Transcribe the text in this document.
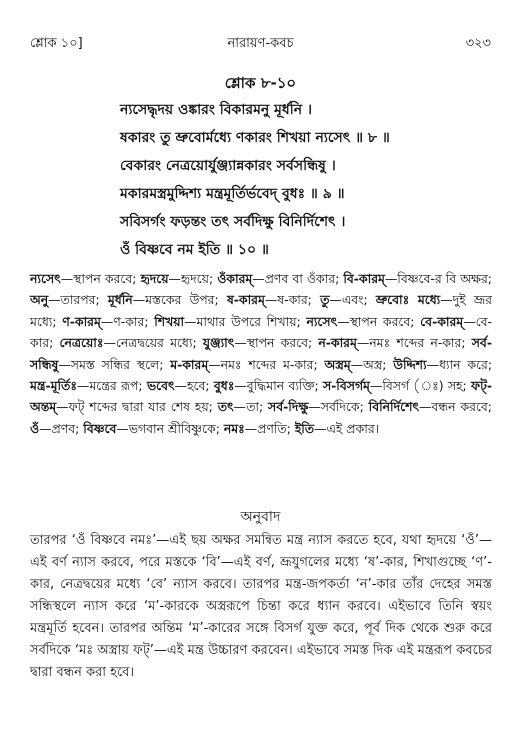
শ্লোক ১০]	নারায়ণ-কবচ	৩২৩
শ্লোক ৮-১০
ন্যসেদ্ধৃদয় ওঙ্কারং বিকারমনু মূর্ধনি ।
ষকারং তু ভ্রুবোর্মধ্যে ণকারং শিখয়া ন্যসেৎ ॥ ৮ ॥
বেকারং নেত্রয়োর্যুঞ্জ্যান্নকারং সর্বসন্ধিষু ।
মকারমস্ত্রমুদ্দিশ্য মন্ত্রমূর্তির্ভবেদ্ বুধঃ ॥ ৯ ॥
সবিসর্গং ফড়ন্তং তৎ সর্বদিক্ষু বিনির্দিশেৎ ।
ওঁ বিষ্ণবে নম ইতি ॥ ১০ ॥
ন্যসেৎ—স্থাপন করবে; হৃদয়ে—হৃদয়ে; ওঁকারম্—প্রণব বা ওঁকার; বি-কারম্—বিষ্ণবে-র বি অক্ষর; অনু—তারপর; মূর্ধনি—মস্তকের উপর; ষ-কারম্—ষ-কার; তু—এবং; ভ্রুবোঃ মধ্যে—দুই ভ্রূর মধ্যে; ণ-কারম্—ণ-কার; শিখয়া—মাথার উপরে শিখায়; ন্যসেৎ—স্থাপন করবে; বে-কারম্—বে-কার; নেত্রয়োঃ—নেত্রদ্বয়ের মধ্যে; যুঞ্জ্যাৎ—স্থাপন করবে; ন-কারম্—নমঃ শব্দের ন-কার; সর্ব-সন্ধিষু—সমস্ত সন্ধির স্থলে; ম-কারম্—নমঃ শব্দের ম-কার; অস্ত্রম্—অস্ত্র; উদ্দিশ্য—ধ্যান করে; মন্ত্র-মূর্তিঃ—মন্ত্রের রূপ; ভবেৎ—হবে; বুধঃ—বুদ্ধিমান ব্যক্তি; স-বিসর্গম্—বিসর্গ (ঃ) সহ; ফট্-অন্তম্—ফট্ শব্দের দ্বারা যার শেষ হয়; তৎ—তা; সর্ব-দিক্ষু—সর্বদিকে; বিনির্দিশেৎ—বন্ধন করবে; ওঁ—প্রণব; বিষ্ণবে—ভগবান শ্রীবিষ্ণুকে; নমঃ—প্রণতি; ইতি—এই প্রকার।
অনুবাদ
তারপর ‘ওঁ বিষ্ণবে নমঃ’—এই ছয় অক্ষর সমন্বিত মন্ত্র ন্যাস করতে হবে, যথা হৃদয়ে ‘ওঁ’—এই বর্ণ ন্যাস করবে, পরে মস্তকে ‘বি’—এই বর্ণ, ভ্রূযুগলের মধ্যে ‘ষ’-কার, শিখাগুচ্ছে ‘ণ’-কার, নেত্রদ্বয়ের মধ্যে ‘বে’ ন্যাস করবে। তারপর মন্ত্র-জপকর্তা ‘ন’-কার তাঁর দেহের সমস্ত সন্ধিস্থলে ন্যাস করে ‘ম’-কারকে অস্ত্ররূপে চিন্তা করে ধ্যান করবে। এইভাবে তিনি স্বয়ং মন্ত্রমূর্তি হবেন। তারপর অন্তিম ‘ম’-কারের সঙ্গে বিসর্গ যুক্ত করে, পূর্ব দিক থেকে শুরু করে সর্বদিকে ‘মঃ অস্ত্রায় ফট্’—এই মন্ত্র উচ্চারণ করবেন। এইভাবে সমস্ত দিক এই মন্ত্ররূপ কবচের দ্বারা বন্ধন করা হবে।
